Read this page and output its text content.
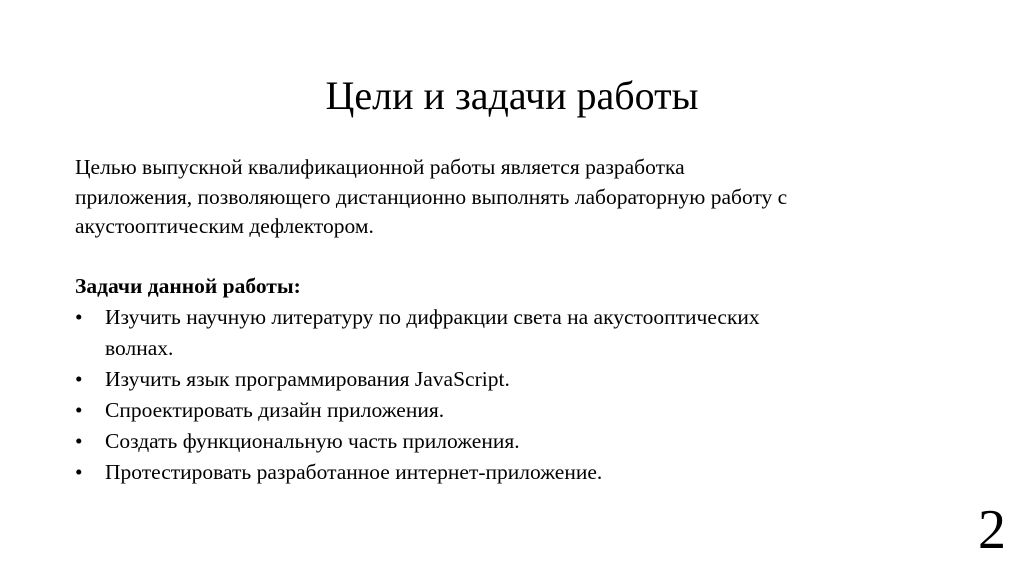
Цели и задачи работы

Целью выпускной квалификационной работы является разработка
приложения, позволяющего дистанционно выполнять лабораторную работу с
акустооптическим дефлектором.

Задачи данной работы:
• Изучить научную литературу по дифракции света на акустооптических
волнах.
• Изучить язык программирования JavaScript.
• Спроектировать дизайн приложения.
• Создать функциональную часть приложения.
• Протестировать разработанное интернет-приложение.
2
